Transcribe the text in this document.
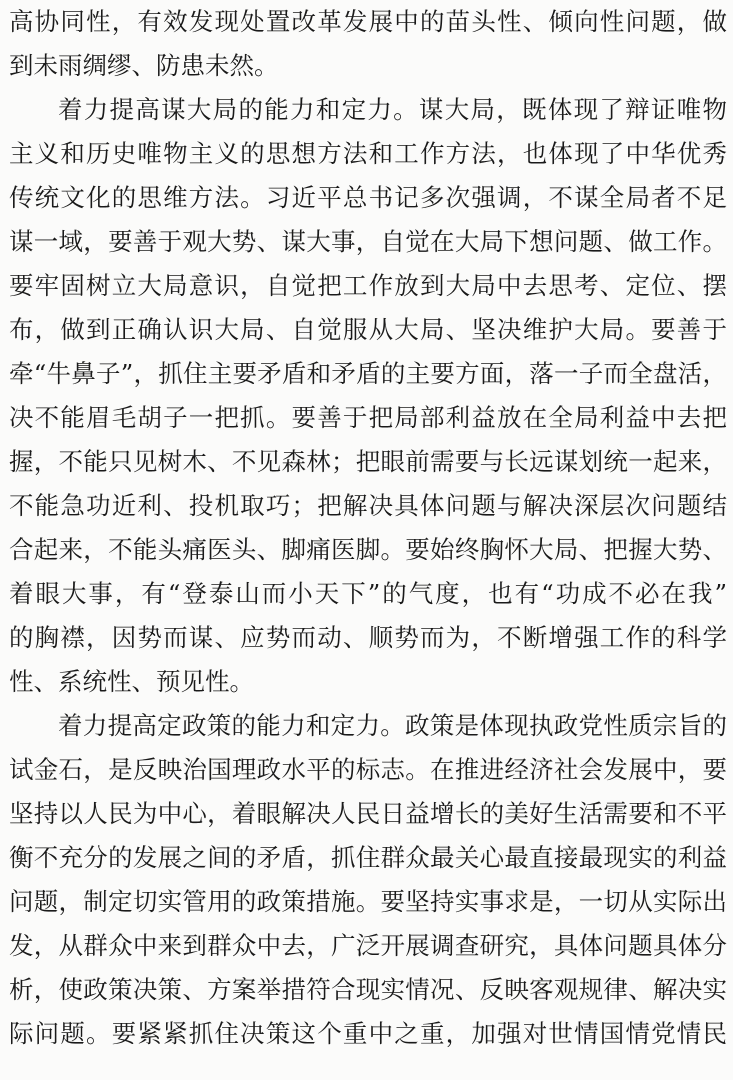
高协同性，有效发现处置改革发展中的苗头性、倾向性问题，做
到未雨绸缪、防患未然。
着力提高谋大局的能力和定力。谋大局，既体现了辩证唯物
主义和历史唯物主义的思想方法和工作方法，也体现了中华优秀
传统文化的思维方法。习近平总书记多次强调，不谋全局者不足
谋一域，要善于观大势、谋大事，自觉在大局下想问题、做工作。
要牢固树立大局意识，自觉把工作放到大局中去思考、定位、摆
布，做到正确认识大局、自觉服从大局、坚决维护大局。要善于
牵“牛鼻子”，抓住主要矛盾和矛盾的主要方面，落一子而全盘活，
决不能眉毛胡子一把抓。要善于把局部利益放在全局利益中去把
握，不能只见树木、不见森林；把眼前需要与长远谋划统一起来，
不能急功近利、投机取巧；把解决具体问题与解决深层次问题结
合起来，不能头痛医头、脚痛医脚。要始终胸怀大局、把握大势、
着眼大事，有“登泰山而小天下”的气度，也有“功成不必在我”
的胸襟，因势而谋、应势而动、顺势而为，不断增强工作的科学
性、系统性、预见性。
着力提高定政策的能力和定力。政策是体现执政党性质宗旨的
试金石，是反映治国理政水平的标志。在推进经济社会发展中，要
坚持以人民为中心，着眼解决人民日益增长的美好生活需要和不平
衡不充分的发展之间的矛盾，抓住群众最关心最直接最现实的利益
问题，制定切实管用的政策措施。要坚持实事求是，一切从实际出
发，从群众中来到群众中去，广泛开展调查研究，具体问题具体分
析，使政策决策、方案举措符合现实情况、反映客观规律、解决实
际问题。要紧紧抓住决策这个重中之重，加强对世情国情党情民
